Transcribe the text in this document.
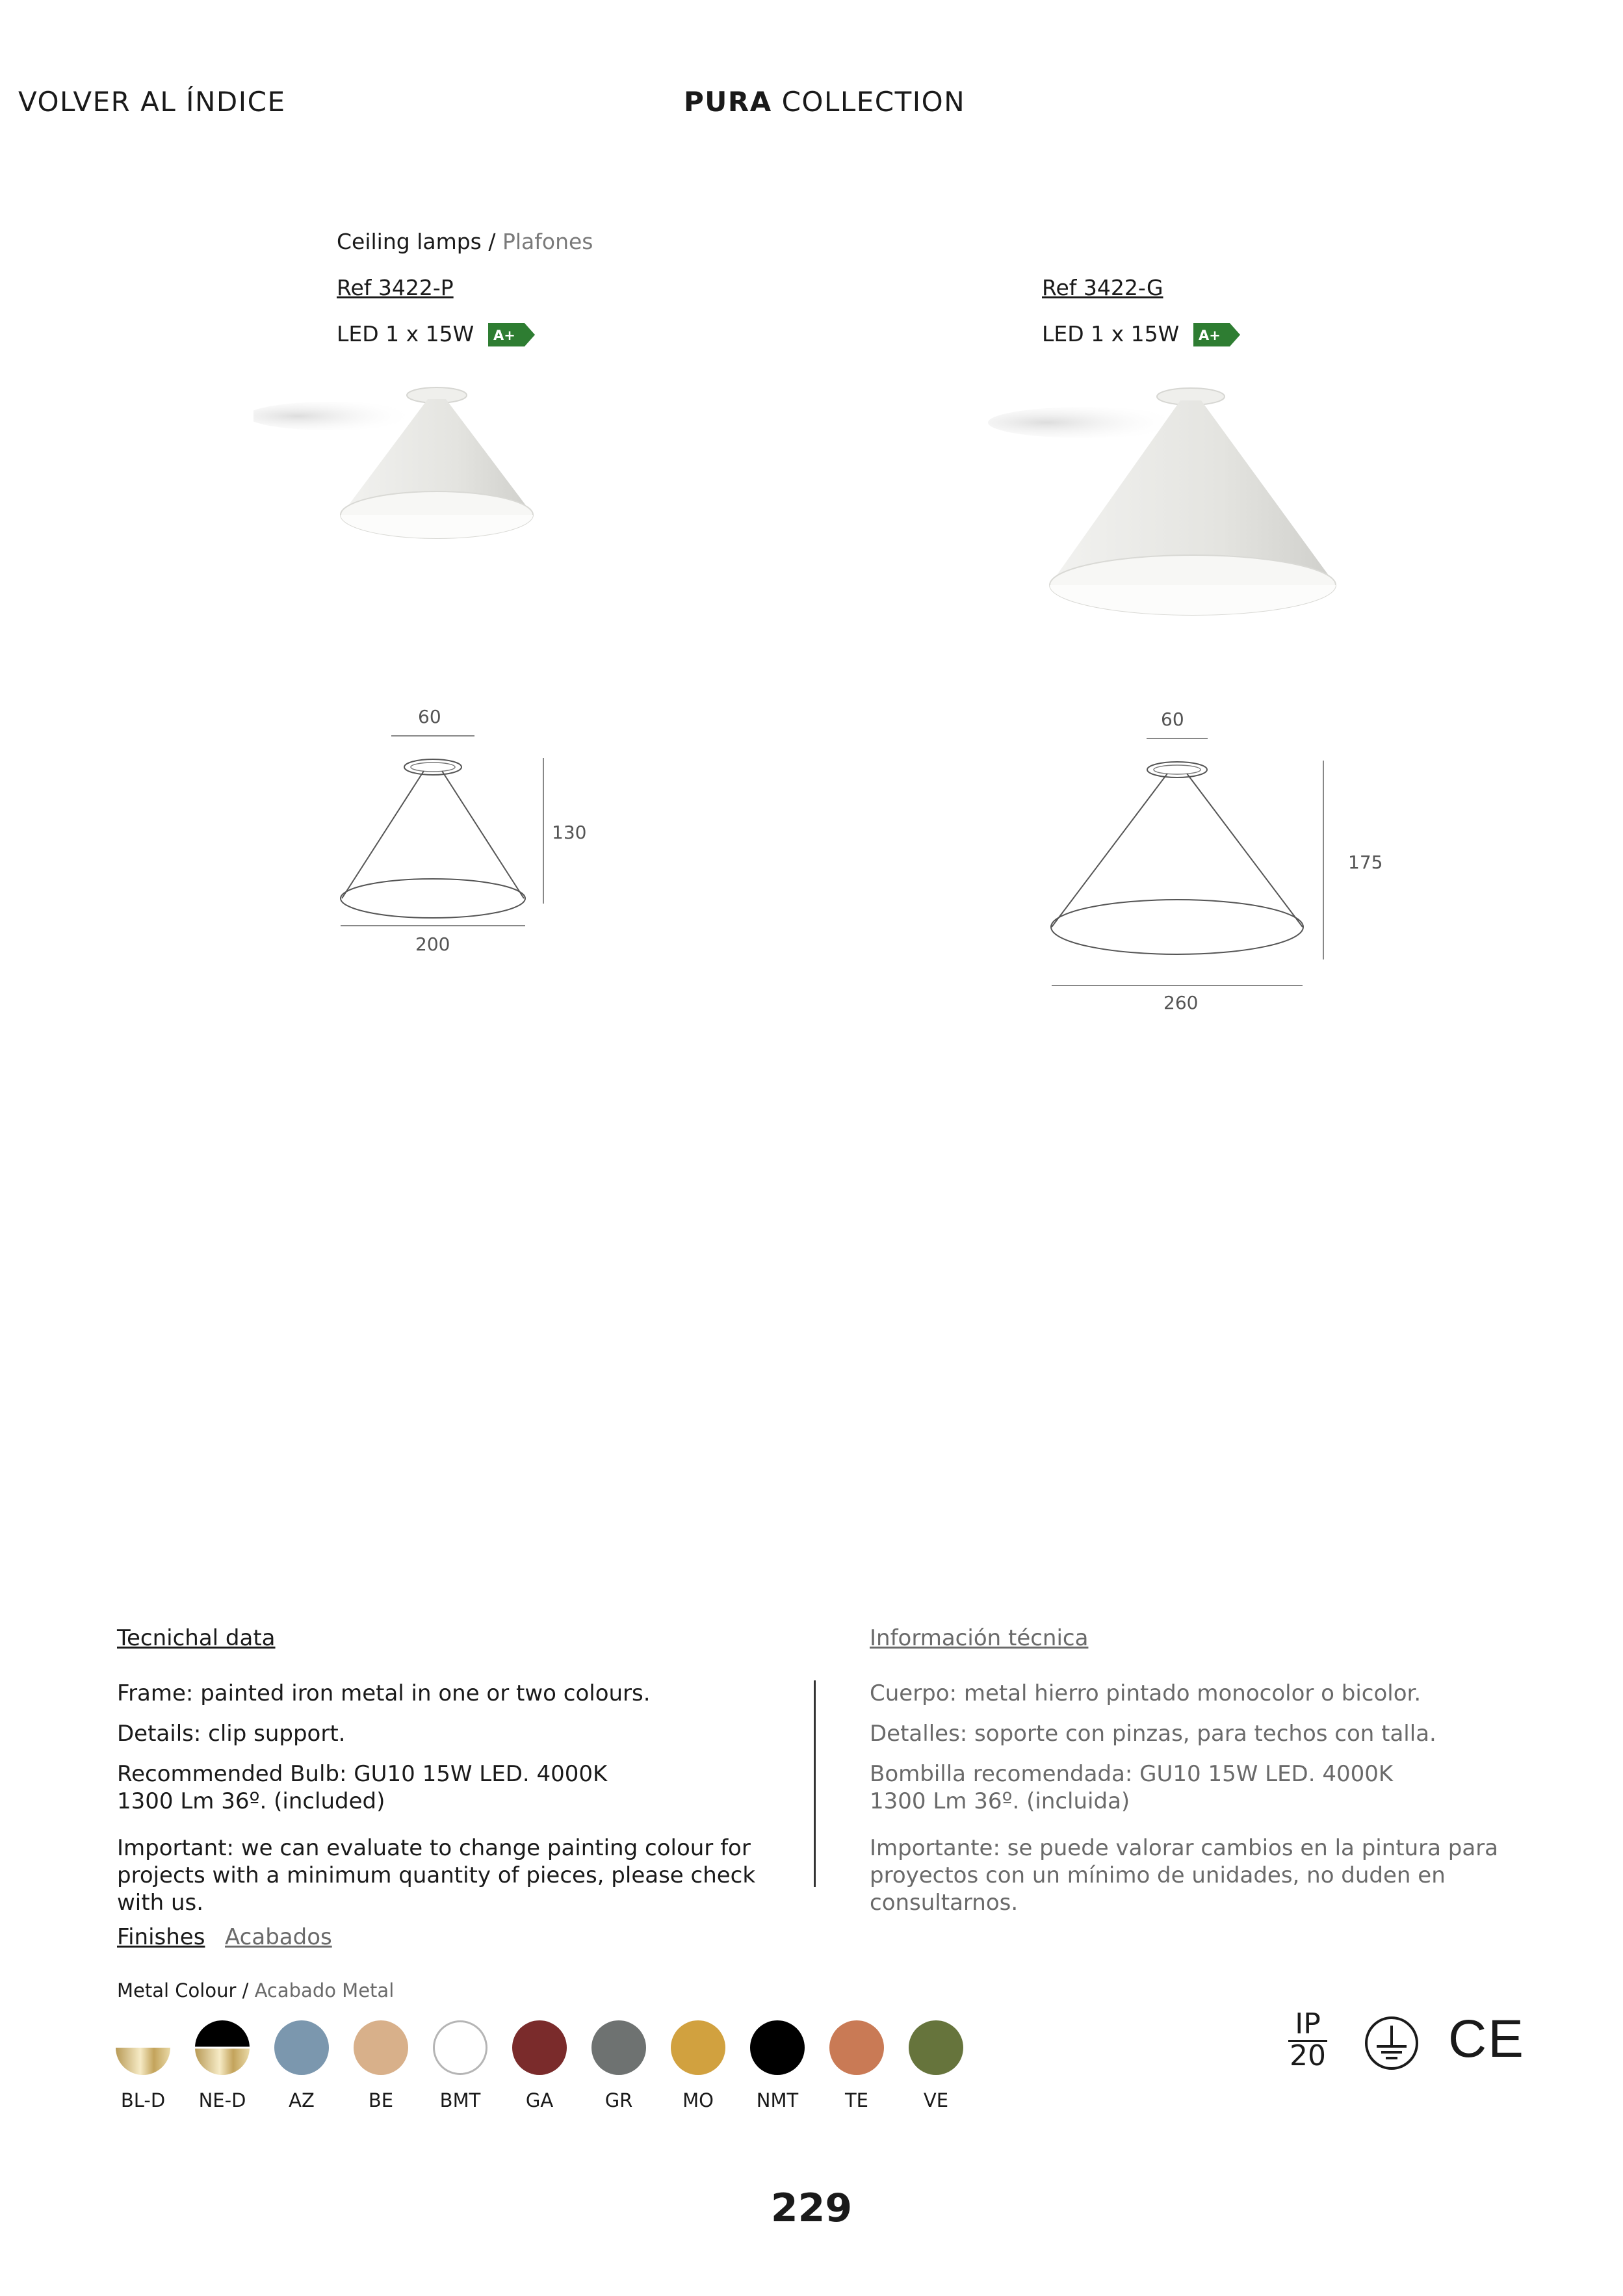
VOLVER AL ÍNDICE	PURA COLLECTION
Ceiling lamps / Plafones
Ref 3422-P
LED 1 x 15W A+
Ref 3422-G
LED 1 x 15W A+
60
130
200
60
175
260
Tecnichal data
Frame: painted iron metal in one or two colours.
Details: clip support.
Recommended Bulb: GU10 15W LED. 4000K 1300 Lm 36º. (included)
Important: we can evaluate to change painting colour for projects with a minimum quantity of pieces, please check with us.
Información técnica
Cuerpo: metal hierro pintado monocolor o bicolor.
Detalles: soporte con pinzas, para techos con talla.
Bombilla recomendada: GU10 15W LED. 4000K 1300 Lm 36º. (incluida)
Importante: se puede valorar cambios en la pintura para proyectos con un mínimo de unidades, no duden en consultarnos.
Finishes Acabados
Metal Colour / Acabado Metal
BL-D	NE-D	AZ	BE	BMT	GA	GR	MO	NMT	TE	VE
IP
20 CE
229
